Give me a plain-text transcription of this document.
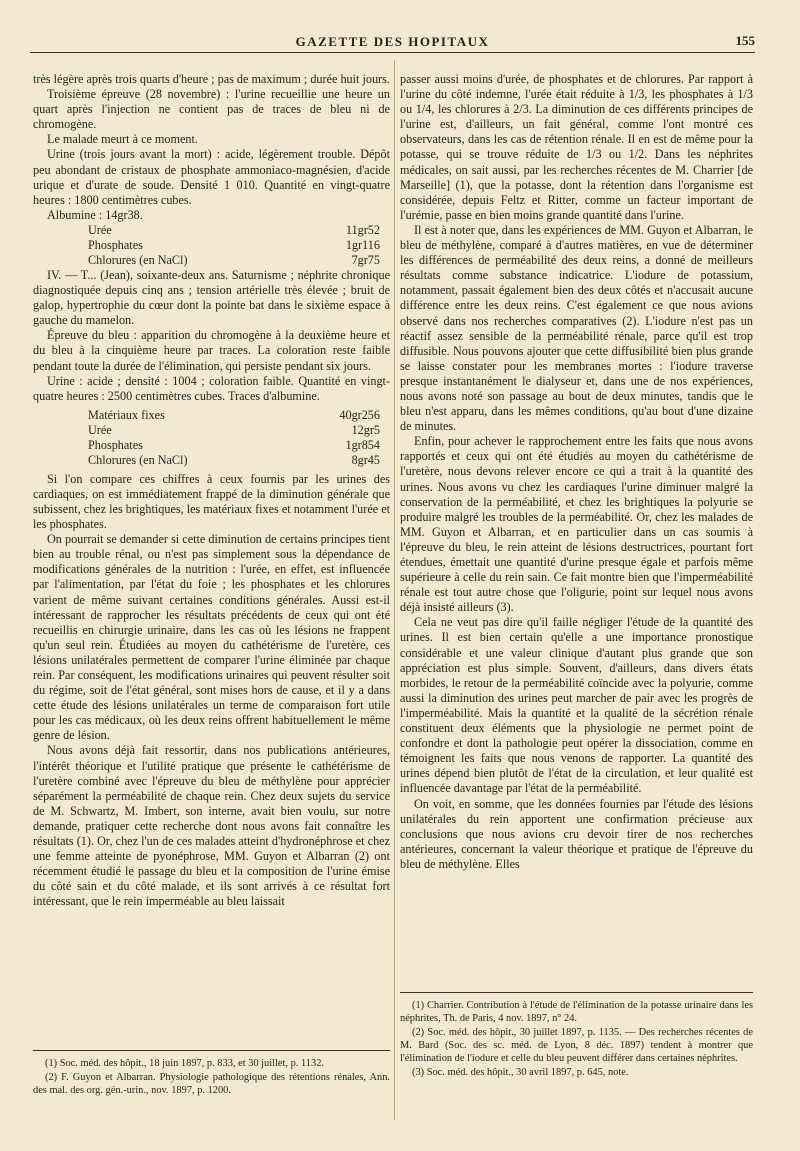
GAZETTE DES HOPITAUX	155

très légère après trois quarts d'heure ; pas de maximum ; durée huit jours.

Troisième épreuve (28 novembre) : l'urine recueillie une heure un quart après l'injection ne contient pas de traces de bleu ni de chromogène.

Le malade meurt à ce moment.

Urine (trois jours avant la mort) : acide, légèrement trouble. Dépôt peu abondant de cristaux de phosphate ammoniaco-magnésien, d'acide urique et d'urate de soude. Densité 1 010. Quantité en vingt-quatre heures : 1800 centimètres cubes.

Albumine : 14gr38.

Urée	11gr52
Phosphates	1gr116
Chlorures (en NaCl)	7gr75

IV. — T... (Jean), soixante-deux ans. Saturnisme ; néphrite chronique diagnostiquée depuis cinq ans ; tension artérielle très élevée ; bruit de galop, hypertrophie du cœur dont la pointe bat dans le sixième espace à gauche du mamelon.

Épreuve du bleu : apparition du chromogène à la deuxième heure et du bleu à la cinquième heure par traces. La coloration reste faible pendant toute la durée de l'élimination, qui persiste pendant six jours.

Urine : acide ; densité : 1004 ; coloration faible. Quantité en vingt-quatre heures : 2500 centimètres cubes. Traces d'albumine.

Matériaux fixes	40gr256
Urée	12gr5
Phosphates	1gr854
Chlorures (en NaCl)	8gr45

Si l'on compare ces chiffres à ceux fournis par les urines des cardiaques, on est immédiatement frappé de la diminution générale que subissent, chez les brightiques, les matériaux fixes et notamment l'urée et les phosphates.

On pourrait se demander si cette diminution de certains principes tient bien au trouble rénal, ou n'est pas simplement sous la dépendance de modifications générales de la nutrition : l'urée, en effet, est influencée par l'alimentation, par l'état du foie ; les phosphates et les chlorures varient de même suivant certaines conditions générales. Aussi est-il intéressant de rapprocher les résultats précédents de ceux qui ont été recueillis en chirurgie urinaire, dans les cas où les lésions ne frappent qu'un seul rein. Étudiées au moyen du cathétérisme de l'uretère, ces lésions unilatérales permettent de comparer l'urine éliminée par chaque rein. Par conséquent, les modifications urinaires qui peuvent résulter soit du régime, soit de l'état général, sont mises hors de cause, et il y a dans cette étude des lésions unilatérales un terme de comparaison fort utile pour les cas médicaux, où les deux reins offrent habituellement le même genre de lésion.

Nous avons déjà fait ressortir, dans nos publications antérieures, l'intérêt théorique et l'utilité pratique que présente le cathétérisme de l'uretère combiné avec l'épreuve du bleu de méthylène pour apprécier séparément la perméabilité de chaque rein. Chez deux sujets du service de M. Schwartz, M. Imbert, son interne, avait bien voulu, sur notre demande, pratiquer cette recherche dont nous avons fait connaître les résultats (1). Or, chez l'un de ces malades atteint d'hydronéphrose et chez une femme atteinte de pyonéphrose, MM. Guyon et Albarran (2) ont récemment étudié le passage du bleu et la composition de l'urine émise du côté sain et du côté malade, et ils sont arrivés à ce résultat fort intéressant, que le rein imperméable au bleu laissait

(1) Soc. méd. des hôpit., 18 juin 1897, p. 833, et 30 juillet, p. 1132.

(2) F. Guyon et Albarran. Physiologie pathologique des rétentions rénales, Ann. des mal. des org. gén.-urin., nov. 1897, p. 1200.

passer aussi moins d'urée, de phosphates et de chlorures. Par rapport à l'urine du côté indemne, l'urée était réduite à 1/3, les phosphates à 1/3 ou 1/4, les chlorures à 2/3. La diminution de ces différents principes de l'urine est, d'ailleurs, un fait général, comme l'ont montré ces observateurs, dans les cas de rétention rénale. Il en est de même pour la potasse, qui se trouve réduite de 1/3 ou 1/2. Dans les néphrites médicales, on sait aussi, par les recherches récentes de M. Charrier [de Marseille] (1), que la potasse, dont la rétention dans l'organisme est considérée, depuis Feltz et Ritter, comme un facteur important de l'urémie, passe en bien moins grande quantité dans l'urine.

Il est à noter que, dans les expériences de MM. Guyon et Albarran, le bleu de méthylène, comparé à d'autres matières, en vue de déterminer les différences de perméabilité des deux reins, a donné de meilleurs résultats comme substance indicatrice. L'iodure de potassium, notamment, passait également bien des deux côtés et n'accusait aucune différence entre les deux reins. C'est également ce que nous avions observé dans nos recherches comparatives (2). L'iodure n'est pas un réactif assez sensible de la perméabilité rénale, parce qu'il est trop diffusible. Nous pouvons ajouter que cette diffusibilité bien plus grande se laisse constater pour les membranes mortes : l'iodure traverse presque instantanément le dialyseur et, dans une de nos expériences, nous avons noté son passage au bout de deux minutes, tandis que le bleu n'est apparu, dans les mêmes conditions, qu'au bout d'une dizaine de minutes.

Enfin, pour achever le rapprochement entre les faits que nous avons rapportés et ceux qui ont été étudiés au moyen du cathétérisme de l'uretère, nous devons relever encore ce qui a trait à la quantité des urines. Nous avons vu chez les cardiaques l'urine diminuer malgré la conservation de la perméabilité, et chez les brightiques la polyurie se produire malgré les troubles de la perméabilité. Or, chez les malades de MM. Guyon et Albarran, et en particulier dans un cas soumis à l'épreuve du bleu, le rein atteint de lésions destructrices, pourtant fort étendues, émettait une quantité d'urine presque égale et parfois même supérieure à celle du rein sain. Ce fait montre bien que l'imperméabilité rénale est tout autre chose que l'oligurie, point sur lequel nous avons déjà insisté ailleurs (3).

Cela ne veut pas dire qu'il faille négliger l'étude de la quantité des urines. Il est bien certain qu'elle a une importance pronostique considérable et une valeur clinique d'autant plus grande que son appréciation est plus simple. Souvent, d'ailleurs, dans divers états morbides, le retour de la perméabilité coïncide avec la polyurie, comme aussi la diminution des urines peut marcher de pair avec les progrès de l'imperméabilité. Mais la quantité et la qualité de la sécrétion rénale constituent deux éléments que la physiologie ne permet point de confondre et dont la pathologie peut opérer la dissociation, comme en témoignent les faits que nous venons de rapporter. La quantité des urines dépend bien plutôt de l'état de la circulation, et leur qualité est influencée davantage par l'état de la perméabilité.

On voit, en somme, que les données fournies par l'étude des lésions unilatérales du rein apportent une confirmation précieuse aux conclusions que nous avions cru devoir tirer de nos recherches antérieures, concernant la valeur théorique et pratique de l'épreuve du bleu de méthylène. Elles

(1) Charrier. Contribution à l'étude de l'élimination de la potasse urinaire dans les néphrites, Th. de Paris, 4 nov. 1897, n° 24.

(2) Soc. méd. des hôpit., 30 juillet 1897, p. 1135. — Des recherches récentes de M. Bard (Soc. des sc. méd. de Lyon, 8 déc. 1897) tendent à montrer que l'élimination de l'iodure et celle du bleu peuvent différer dans certaines néphrites.

(3) Soc. méd. des hôpit., 30 avril 1897, p. 645, note.
